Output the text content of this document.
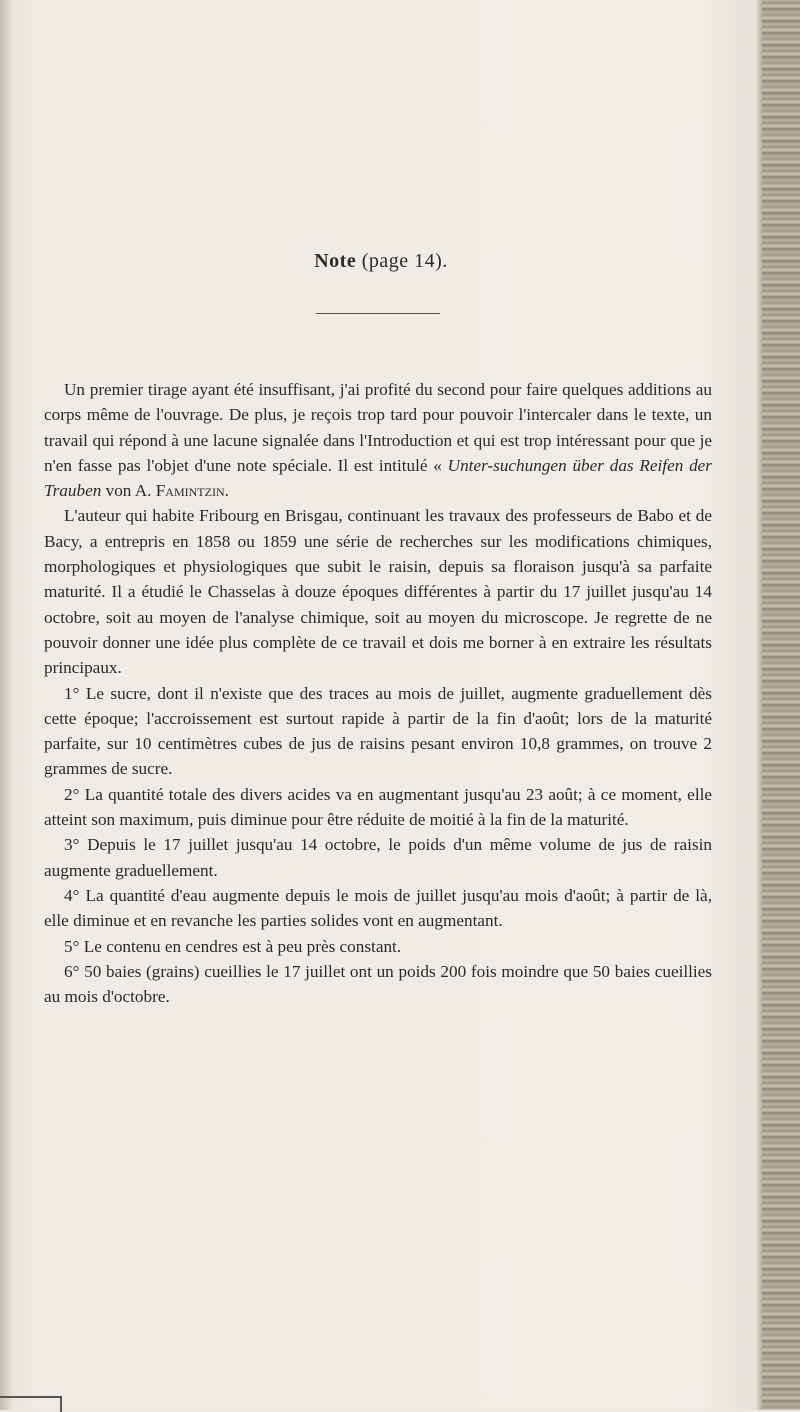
Note (page 14).

Un premier tirage ayant été insuffisant, j'ai profité du second pour faire quelques additions au corps même de l'ouvrage. De plus, je reçois trop tard pour pouvoir l'intercaler dans le texte, un travail qui répond à une lacune signalée dans l'Introduction et qui est trop intéressant pour que je n'en fasse pas l'objet d'une note spéciale. Il est intitulé « Unter-suchungen über das Reifen der Trauben von A. Famintzin.

L'auteur qui habite Fribourg en Brisgau, continuant les travaux des professeurs de Babo et de Bacy, a entrepris en 1858 ou 1859 une série de recherches sur les modifications chimiques, morphologiques et physiologiques que subit le raisin, depuis sa floraison jusqu'à sa parfaite maturité. Il a étudié le Chasselas à douze époques différentes à partir du 17 juillet jusqu'au 14 octobre, soit au moyen de l'analyse chimique, soit au moyen du microscope. Je regrette de ne pouvoir donner une idée plus complète de ce travail et dois me borner à en extraire les résultats principaux.

1° Le sucre, dont il n'existe que des traces au mois de juillet, augmente graduellement dès cette époque; l'accroissement est surtout rapide à partir de la fin d'août; lors de la maturité parfaite, sur 10 centimètres cubes de jus de raisins pesant environ 10,8 grammes, on trouve 2 grammes de sucre.

2° La quantité totale des divers acides va en augmentant jusqu'au 23 août; à ce moment, elle atteint son maximum, puis diminue pour être réduite de moitié à la fin de la maturité.

3° Depuis le 17 juillet jusqu'au 14 octobre, le poids d'un même volume de jus de raisin augmente graduellement.

4° La quantité d'eau augmente depuis le mois de juillet jusqu'au mois d'août; à partir de là, elle diminue et en revanche les parties solides vont en augmentant.

5° Le contenu en cendres est à peu près constant.

6° 50 baies (grains) cueillies le 17 juillet ont un poids 200 fois moindre que 50 baies cueillies au mois d'octobre.
